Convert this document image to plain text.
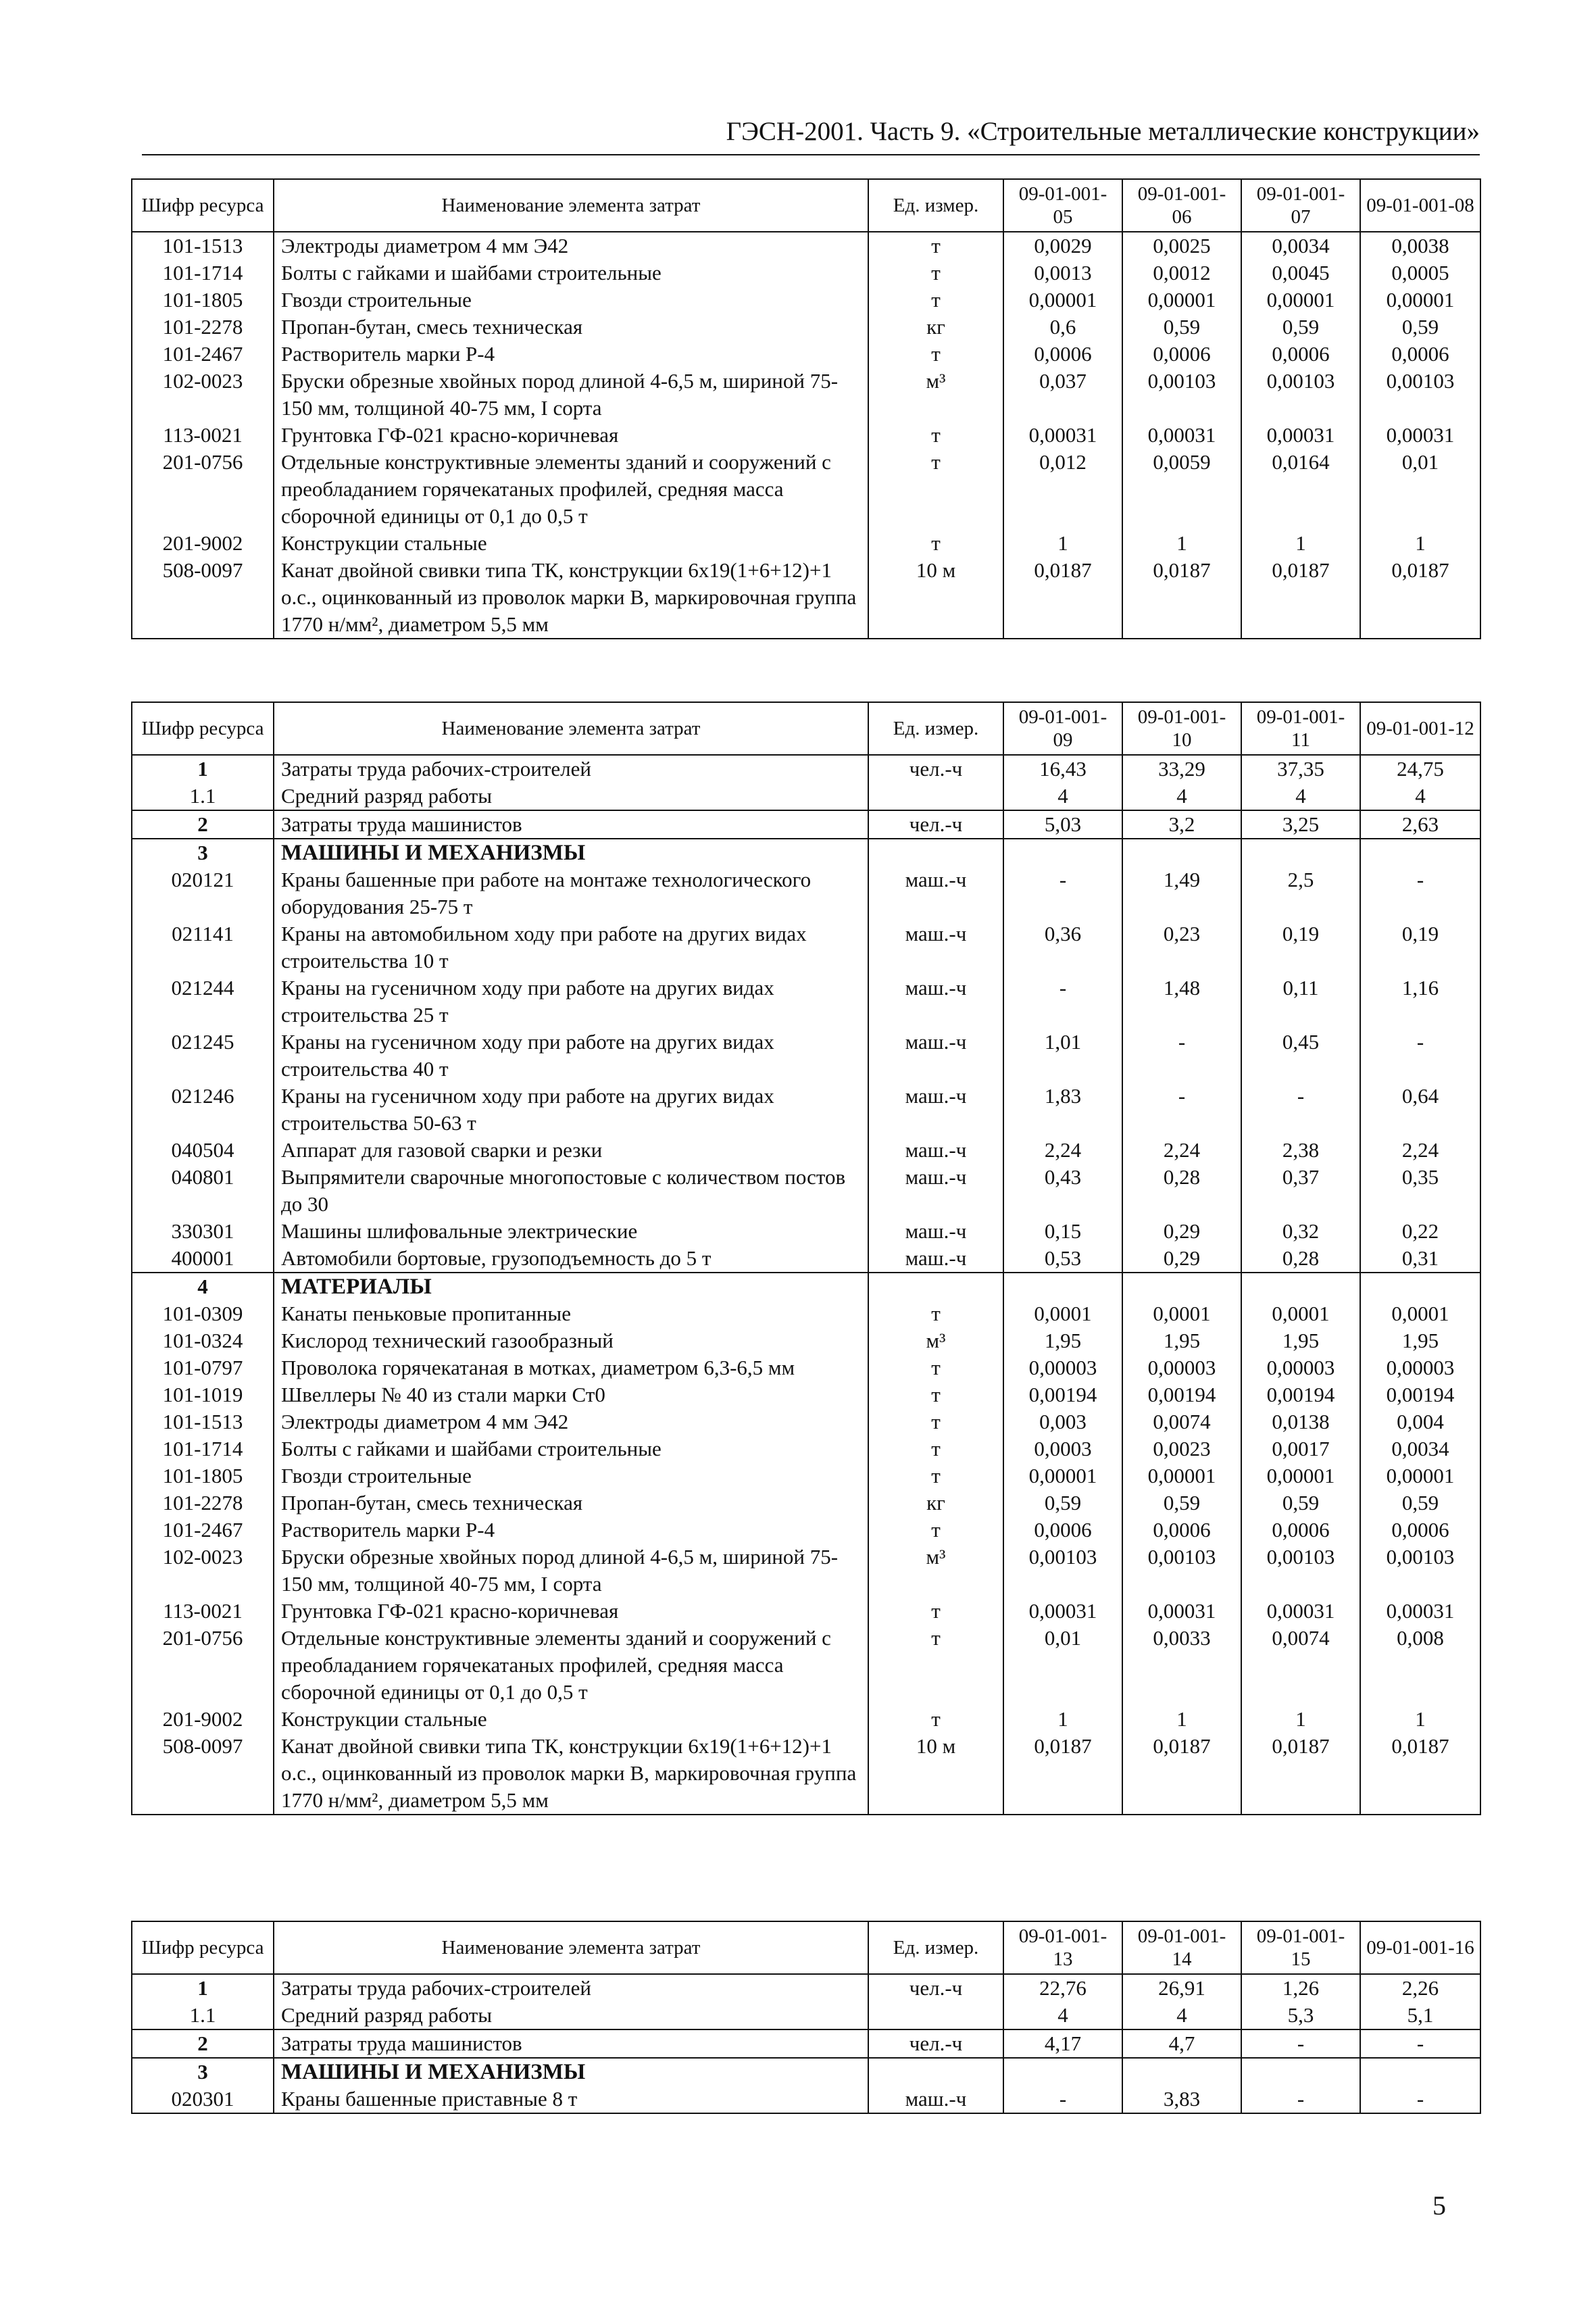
ГЭСН-2001. Часть 9. «Строительные металлические конструкции»
Шифр ресурса	Наименование элемента затрат	Ед. измер.	09-01-001-05	09-01-001-06	09-01-001-07	09-01-001-08
101-1513	Электроды диаметром 4 мм Э42	т	0,0029	0,0025	0,0034	0,0038
101-1714	Болты с гайками и шайбами строительные	т	0,0013	0,0012	0,0045	0,0005
101-1805	Гвозди строительные	т	0,00001	0,00001	0,00001	0,00001
101-2278	Пропан-бутан, смесь техническая	кг	0,6	0,59	0,59	0,59
101-2467	Растворитель марки Р-4	т	0,0006	0,0006	0,0006	0,0006
102-0023	Бруски обрезные хвойных пород длиной 4-6,5 м, шириной 75-150 мм, толщиной 40-75 мм, I сорта	м³	0,037	0,00103	0,00103	0,00103
113-0021	Грунтовка ГФ-021 красно-коричневая	т	0,00031	0,00031	0,00031	0,00031
201-0756	Отдельные конструктивные элементы зданий и сооружений с преобладанием горячекатаных профилей, средняя масса сборочной единицы от 0,1 до 0,5 т	т	0,012	0,0059	0,0164	0,01
201-9002	Конструкции стальные	т	1	1	1	1
508-0097	Канат двойной свивки типа ТК, конструкции 6х19(1+6+12)+1 о.с., оцинкованный из проволок марки В, маркировочная группа 1770 н/мм², диаметром 5,5 мм	10 м	0,0187	0,0187	0,0187	0,0187
Шифр ресурса	Наименование элемента затрат	Ед. измер.	09-01-001-09	09-01-001-10	09-01-001-11	09-01-001-12
1	Затраты труда рабочих-строителей	чел.-ч	16,43	33,29	37,35	24,75
1.1	Средний разряд работы		4	4	4	4
2	Затраты труда машинистов	чел.-ч	5,03	3,2	3,25	2,63
3	МАШИНЫ И МЕХАНИЗМЫ					
020121	Краны башенные при работе на монтаже технологического оборудования 25-75 т	маш.-ч	-	1,49	2,5	-
021141	Краны на автомобильном ходу при работе на других видах строительства 10 т	маш.-ч	0,36	0,23	0,19	0,19
021244	Краны на гусеничном ходу при работе на других видах строительства 25 т	маш.-ч	-	1,48	0,11	1,16
021245	Краны на гусеничном ходу при работе на других видах строительства 40 т	маш.-ч	1,01	-	0,45	-
021246	Краны на гусеничном ходу при работе на других видах строительства 50-63 т	маш.-ч	1,83	-	-	0,64
040504	Аппарат для газовой сварки и резки	маш.-ч	2,24	2,24	2,38	2,24
040801	Выпрямители сварочные многопостовые с количеством постов до 30	маш.-ч	0,43	0,28	0,37	0,35
330301	Машины шлифовальные электрические	маш.-ч	0,15	0,29	0,32	0,22
400001	Автомобили бортовые, грузоподъемность до 5 т	маш.-ч	0,53	0,29	0,28	0,31
4	МАТЕРИАЛЫ					
101-0309	Канаты пеньковые пропитанные	т	0,0001	0,0001	0,0001	0,0001
101-0324	Кислород технический газообразный	м³	1,95	1,95	1,95	1,95
101-0797	Проволока горячекатаная в мотках, диаметром 6,3-6,5 мм	т	0,00003	0,00003	0,00003	0,00003
101-1019	Швеллеры № 40 из стали марки Ст0	т	0,00194	0,00194	0,00194	0,00194
101-1513	Электроды диаметром 4 мм Э42	т	0,003	0,0074	0,0138	0,004
101-1714	Болты с гайками и шайбами строительные	т	0,0003	0,0023	0,0017	0,0034
101-1805	Гвозди строительные	т	0,00001	0,00001	0,00001	0,00001
101-2278	Пропан-бутан, смесь техническая	кг	0,59	0,59	0,59	0,59
101-2467	Растворитель марки Р-4	т	0,0006	0,0006	0,0006	0,0006
102-0023	Бруски обрезные хвойных пород длиной 4-6,5 м, шириной 75-150 мм, толщиной 40-75 мм, I сорта	м³	0,00103	0,00103	0,00103	0,00103
113-0021	Грунтовка ГФ-021 красно-коричневая	т	0,00031	0,00031	0,00031	0,00031
201-0756	Отдельные конструктивные элементы зданий и сооружений с преобладанием горячекатаных профилей, средняя масса сборочной единицы от 0,1 до 0,5 т	т	0,01	0,0033	0,0074	0,008
201-9002	Конструкции стальные	т	1	1	1	1
508-0097	Канат двойной свивки типа ТК, конструкции 6х19(1+6+12)+1 о.с., оцинкованный из проволок марки В, маркировочная группа 1770 н/мм², диаметром 5,5 мм	10 м	0,0187	0,0187	0,0187	0,0187
Шифр ресурса	Наименование элемента затрат	Ед. измер.	09-01-001-13	09-01-001-14	09-01-001-15	09-01-001-16
1	Затраты труда рабочих-строителей	чел.-ч	22,76	26,91	1,26	2,26
1.1	Средний разряд работы		4	4	5,3	5,1
2	Затраты труда машинистов	чел.-ч	4,17	4,7	-	-
3	МАШИНЫ И МЕХАНИЗМЫ					
020301	Краны башенные приставные 8 т	маш.-ч	-	3,83	-	-
5
